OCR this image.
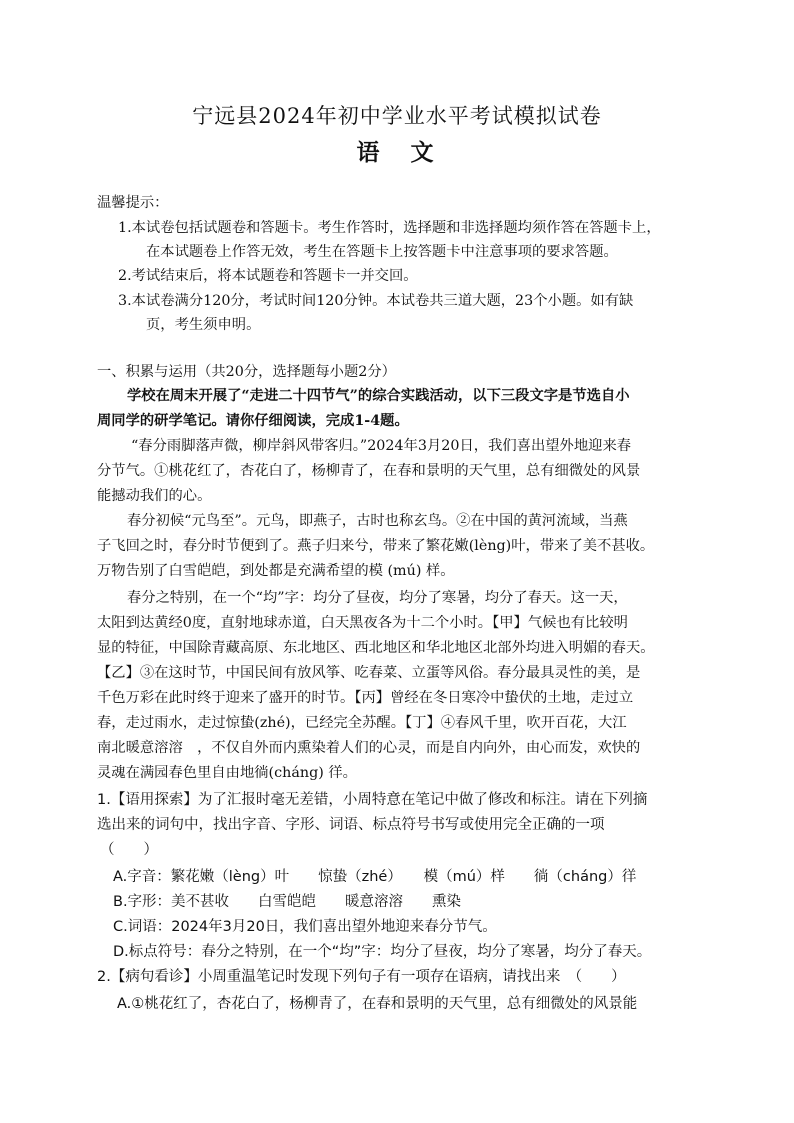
宁远县2024年初中学业水平考试模拟试卷
语　文
温馨提示：
1.本试卷包括试题卷和答题卡。考生作答时，选择题和非选择题均须作答在答题卡上，
在本试题卷上作答无效，考生在答题卡上按答题卡中注意事项的要求答题。
2.考试结束后，将本试题卷和答题卡一并交回。
3.本试卷满分120分，考试时间120分钟。本试卷共三道大题，23个小题。如有缺
页，考生须申明。
一、积累与运用（共20分，选择题每小题2分）
学校在周末开展了“走进二十四节气”的综合实践活动，以下三段文字是节选自小
周同学的研学笔记。请你仔细阅读，完成1-4题。
“春分雨脚落声微，柳岸斜风带客归。”2024年3月20日，我们喜出望外地迎来春
分节气。①桃花红了，杏花白了，杨柳青了，在春和景明的天气里，总有细微处的风景
能撼动我们的心。
春分初候“元鸟至”。元鸟，即燕子，古时也称玄鸟。②在中国的黄河流域，当燕
子飞回之时，春分时节便到了。燕子归来兮，带来了繁花嫩(lèng)叶，带来了美不甚收。
万物告别了白雪皑皑，到处都是充满希望的模 (mú) 样。
春分之特别，在一个“均”字：均分了昼夜，均分了寒暑，均分了春天。这一天，
太阳到达黄经0度，直射地球赤道，白天黑夜各为十二个小时。【甲】气候也有比较明
显的特征，中国除青藏高原、东北地区、西北地区和华北地区北部外均进入明媚的春天。
【乙】③在这时节，中国民间有放风筝、吃春菜、立蛋等风俗。春分最具灵性的美，是
千色万彩在此时终于迎来了盛开的时节。【丙】曾经在冬日寒冷中蛰伏的土地，走过立
春，走过雨水，走过惊蛰(zhé)，已经完全苏醒。【丁】④春风千里，吹开百花，大江
南北暖意溶溶　，不仅自外而内熏染着人们的心灵，而是自内向外，由心而发，欢快的
灵魂在满园春色里自由地徜(cháng) 徉。
1.【语用探索】为了汇报时毫无差错，小周特意在笔记中做了修改和标注。请在下列摘
选出来的词句中，找出字音、字形、词语、标点符号书写或使用完全正确的一项
（　　）
A.字音：繁花嫩（lèng）叶　　惊蛰（zhé）　　模（mú）样　　徜（cháng）徉
B.字形：美不甚收　　白雪皑皑　　暖意溶溶　　熏染
C.词语：2024年3月20日，我们喜出望外地迎来春分节气。
D.标点符号：春分之特别，在一个“均”字：均分了昼夜，均分了寒暑，均分了春天。
2.【病句看诊】小周重温笔记时发现下列句子有一项存在语病，请找出来　（　　）
A.①桃花红了，杏花白了，杨柳青了，在春和景明的天气里，总有细微处的风景能
